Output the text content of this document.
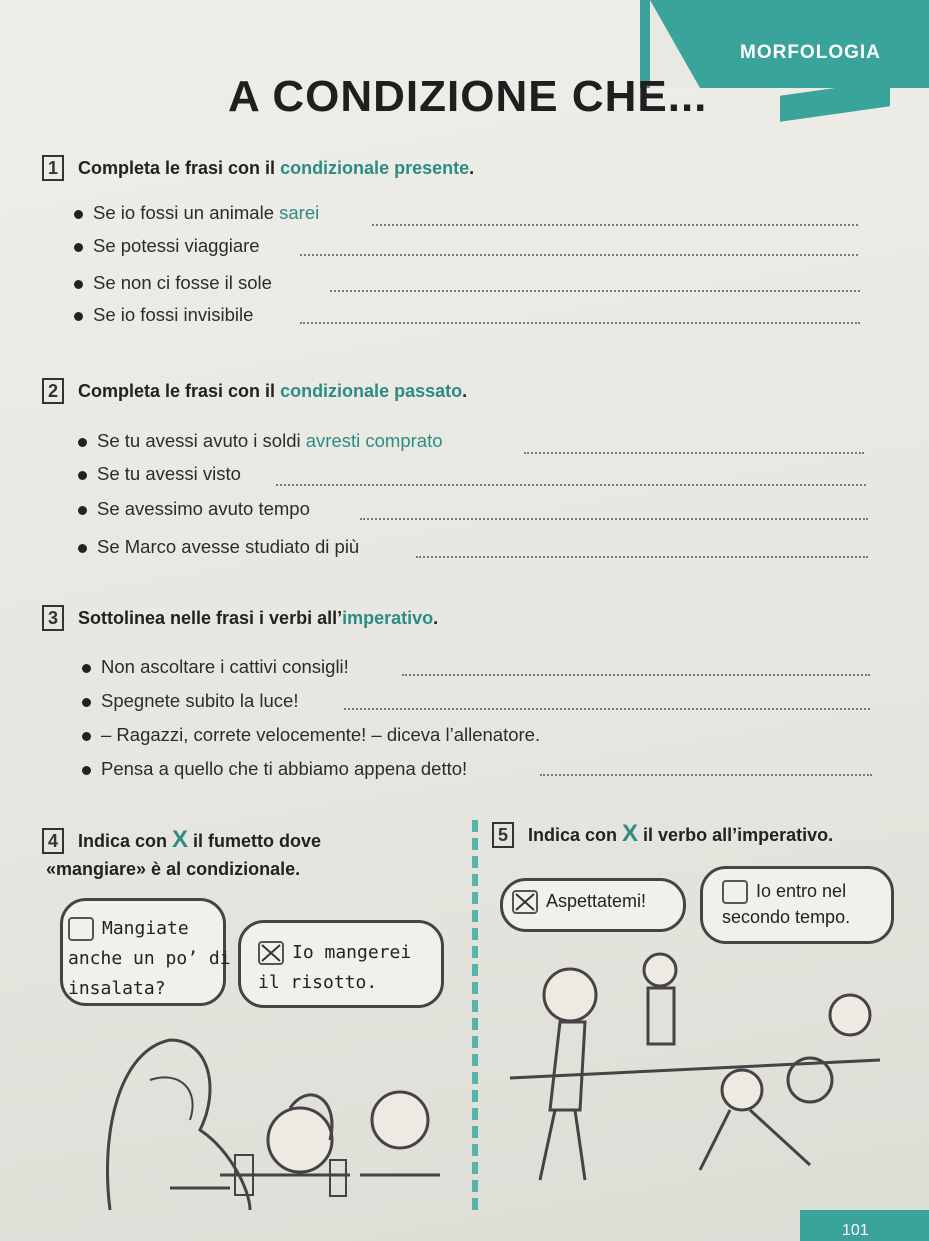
MORFOLOGIA
A CONDIZIONE CHE...
1 Completa le frasi con il condizionale presente.
Se io fossi un animale sarei
Se potessi viaggiare
Se non ci fosse il sole
Se io fossi invisibile
2 Completa le frasi con il condizionale passato.
Se tu avessi avuto i soldi avresti comprato
Se tu avessi visto
Se avessimo avuto tempo
Se Marco avesse studiato di più
3 Sottolinea nelle frasi i verbi all’imperativo.
Non ascoltare i cattivi consigli!
Spegnete subito la luce!
– Ragazzi, correte velocemente! – diceva l’allenatore.
Pensa a quello che ti abbiamo appena detto!
4 Indica con X il fumetto dove
«mangiare» è al condizionale.
Mangiate
anche un po’ di
insalata?
Io mangerei
il risotto.
5 Indica con X il verbo all’imperativo.
Aspettatemi!	Io entro nel
secondo tempo.
101
